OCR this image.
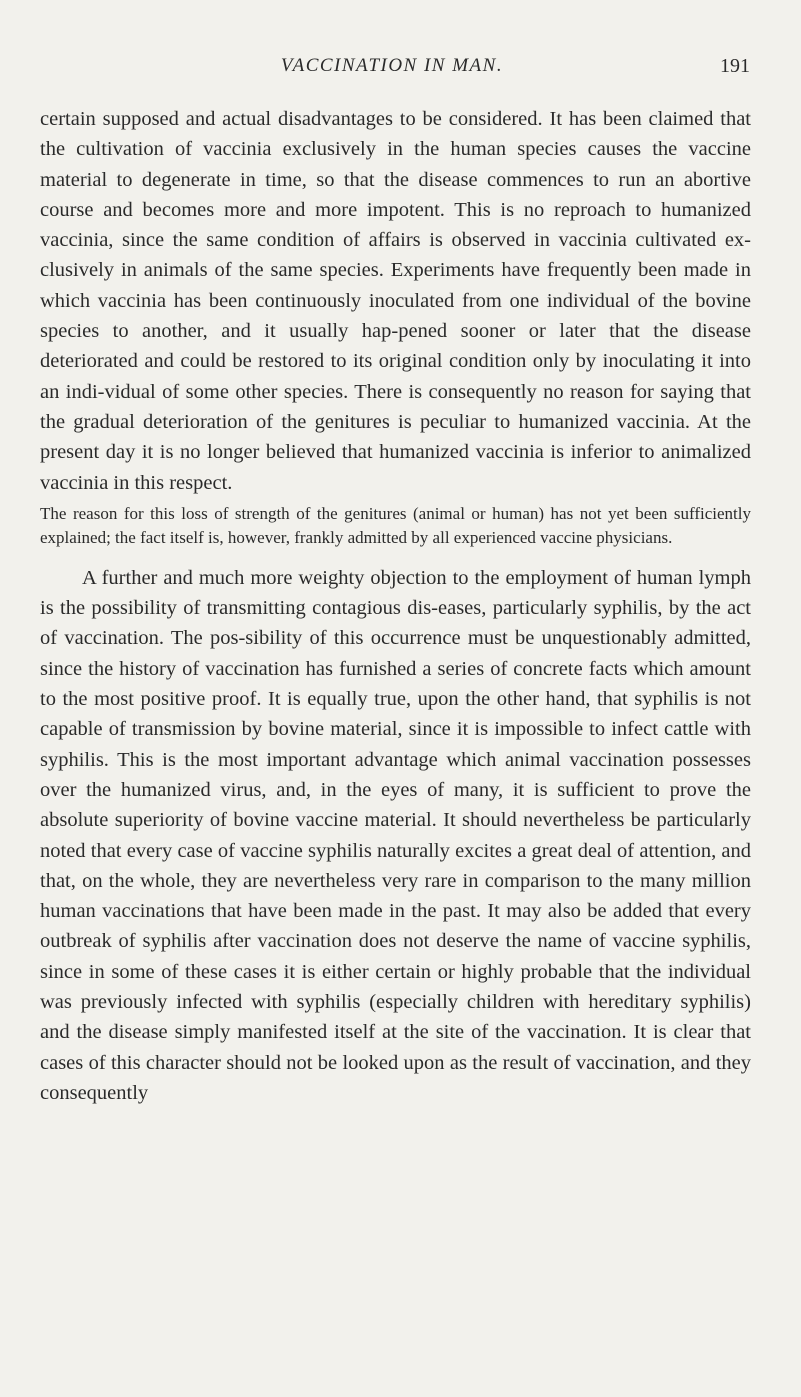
VACCINATION IN MAN.	191

certain supposed and actual disadvantages to be considered. It has been claimed that the cultivation of vaccinia exclusively in the human species causes the vaccine material to degenerate in time, so that the disease commences to run an abortive course and becomes more and more impotent. This is no reproach to humanized vaccinia, since the same condition of affairs is observed in vaccinia cultivated ex-clusively in animals of the same species. Experiments have frequently been made in which vaccinia has been continuously inoculated from one individual of the bovine species to another, and it usually hap-pened sooner or later that the disease deteriorated and could be restored to its original condition only by inoculating it into an indi-vidual of some other species. There is consequently no reason for saying that the gradual deterioration of the genitures is peculiar to humanized vaccinia. At the present day it is no longer believed that humanized vaccinia is inferior to animalized vaccinia in this respect.

The reason for this loss of strength of the genitures (animal or human) has not yet been sufficiently explained; the fact itself is, however, frankly admitted by all experienced vaccine physicians.

A further and much more weighty objection to the employment of human lymph is the possibility of transmitting contagious dis-eases, particularly syphilis, by the act of vaccination. The pos-sibility of this occurrence must be unquestionably admitted, since the history of vaccination has furnished a series of concrete facts which amount to the most positive proof. It is equally true, upon the other hand, that syphilis is not capable of transmission by bovine material, since it is impossible to infect cattle with syphilis. This is the most important advantage which animal vaccination possesses over the humanized virus, and, in the eyes of many, it is sufficient to prove the absolute superiority of bovine vaccine material. It should nevertheless be particularly noted that every case of vaccine syphilis naturally excites a great deal of attention, and that, on the whole, they are nevertheless very rare in comparison to the many million human vaccinations that have been made in the past. It may also be added that every outbreak of syphilis after vaccination does not deserve the name of vaccine syphilis, since in some of these cases it is either certain or highly probable that the individual was previously infected with syphilis (especially children with hereditary syphilis) and the disease simply manifested itself at the site of the vaccination. It is clear that cases of this character should not be looked upon as the result of vaccination, and they consequently
